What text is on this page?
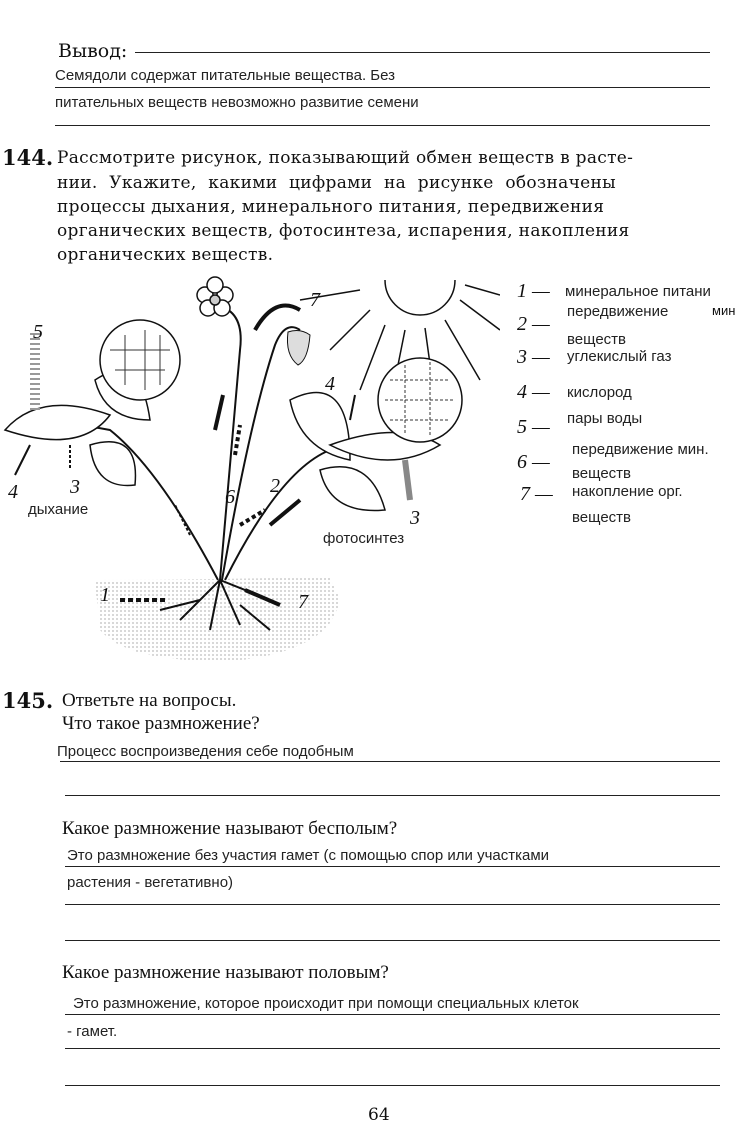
Вывод:
Семядоли содержат питательные вещества. Без
питательных веществ невозможно развитие семени
144. Рассмотрите рисунок, показывающий обмен веществ в расте-
нии. Укажите, какими цифрами на рисунке обозначены
процессы дыхания, минерального питания, передвижения
органических веществ, фотосинтеза, испарения, накопления
органических веществ.
1
2
3
3
4
4
5
6
7
7
дыхание
фотосинтез
1 — минеральное питани
мин
2 —
передвижение
веществ
3 — углекислый газ
4 — кислород
5 — пары воды
6 —
передвижение мин.
веществ
7 — накопление орг.
веществ
145. Ответьте на вопросы.
Что такое размножение?
Процесс воспроизведения себе подобным
Какое размножение называют бесполым?
Это размножение без участия гамет (с помощью спор или участками
растения - вегетативно)
Какое размножение называют половым?
Это размножение, которое происходит при помощи специальных клеток
- гамет.
64
